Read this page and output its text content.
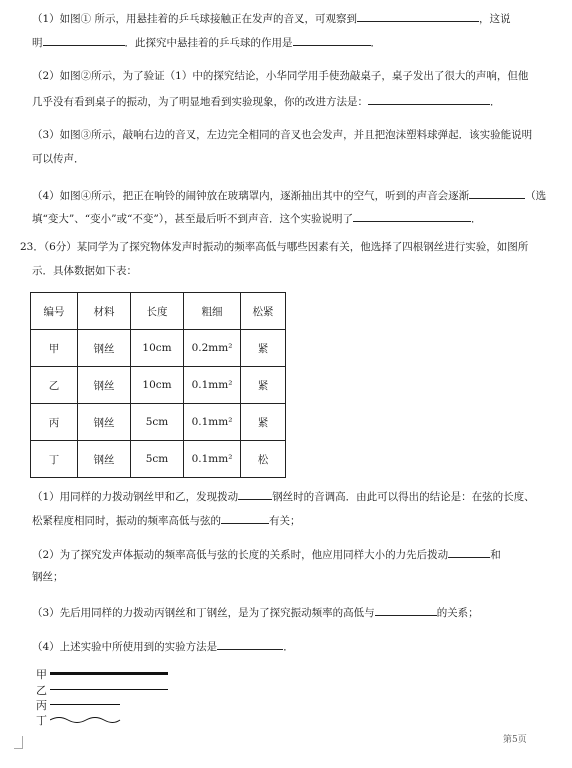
（1）如图① 所示，用悬挂着的乒乓球接触正在发声的音叉，可观察到	，这说
明	．此探究中悬挂着的乒乓球的作用是	．
（2）如图②所示，为了验证（1）中的探究结论，小华同学用手使劲敲桌子，桌子发出了很大的声响，但他
几乎没有看到桌子的振动，为了明显地看到实验现象，你的改进方法是：	．
（3）如图③所示，敲响右边的音叉，左边完全相同的音叉也会发声，并且把泡沫塑料球弹起．该实验能说明
可以传声．
（4）如图④所示，把正在响铃的闹钟放在玻璃罩内，逐渐抽出其中的空气，听到的声音会逐渐	（选
填“变大”、“变小”或“不变”），甚至最后听不到声音．这个实验说明了	．
23．（6分）某同学为了探究物体发声时振动的频率高低与哪些因素有关，他选择了四根钢丝进行实验，如图所
示．具体数据如下表：
编号	材料	长度	粗细	松紧
甲	钢丝	10cm	0.2mm²	紧
乙	钢丝	10cm	0.1mm²	紧
丙	钢丝	5cm	0.1mm²	紧
丁	钢丝	5cm	0.1mm²	松
（1）用同样的力拨动钢丝甲和乙，发现拨动	钢丝时的音调高．由此可以得出的结论是：在弦的长度、
松紧程度相同时，振动的频率高低与弦的	有关；
（2）为了探究发声体振动的频率高低与弦的长度的关系时，他应用同样大小的力先后拨动	和
钢丝；
（3）先后用同样的力拨动丙钢丝和丁钢丝，是为了探究振动频率的高低与	的关系；
（4）上述实验中所使用到的实验方法是	．
甲
乙
丙
丁
第5页
